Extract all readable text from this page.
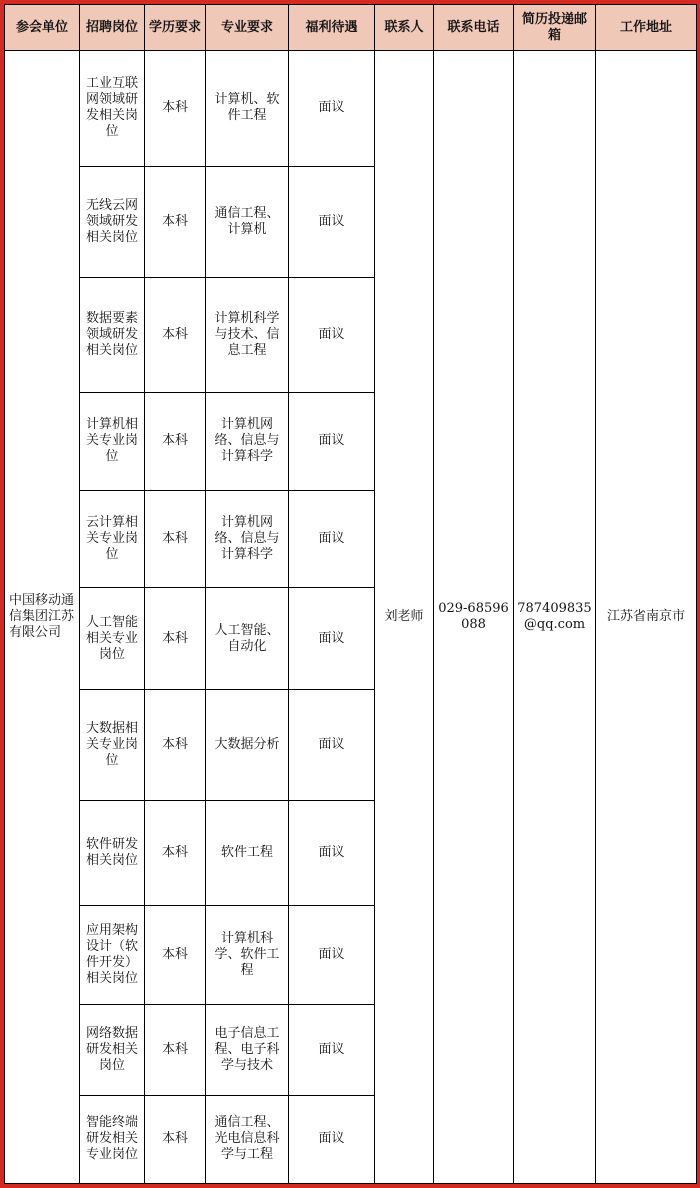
参会单位	招聘岗位	学历要求	专业要求	福利待遇	联系人	联系电话	简历投递邮箱	工作地址
中国移动通信集团江苏有限公司	工业互联网领域研发相关岗位	本科	计算机、软件工程	面议	刘老师	029-68596088	787409835@qq.com	江苏省南京市
	无线云网领域研发相关岗位	本科	通信工程、计算机	面议				
	数据要素领域研发相关岗位	本科	计算机科学与技术、信息工程	面议				
	计算机相关专业岗位	本科	计算机网络、信息与计算科学	面议				
	云计算相关专业岗位	本科	计算机网络、信息与计算科学	面议				
	人工智能相关专业岗位	本科	人工智能、自动化	面议				
	大数据相关专业岗位	本科	大数据分析	面议				
	软件研发相关岗位	本科	软件工程	面议				
	应用架构设计（软件开发）相关岗位	本科	计算机科学、软件工程	面议				
	网络数据研发相关岗位	本科	电子信息工程、电子科学与技术	面议				
	智能终端研发相关专业岗位	本科	通信工程、光电信息科学与工程	面议				
